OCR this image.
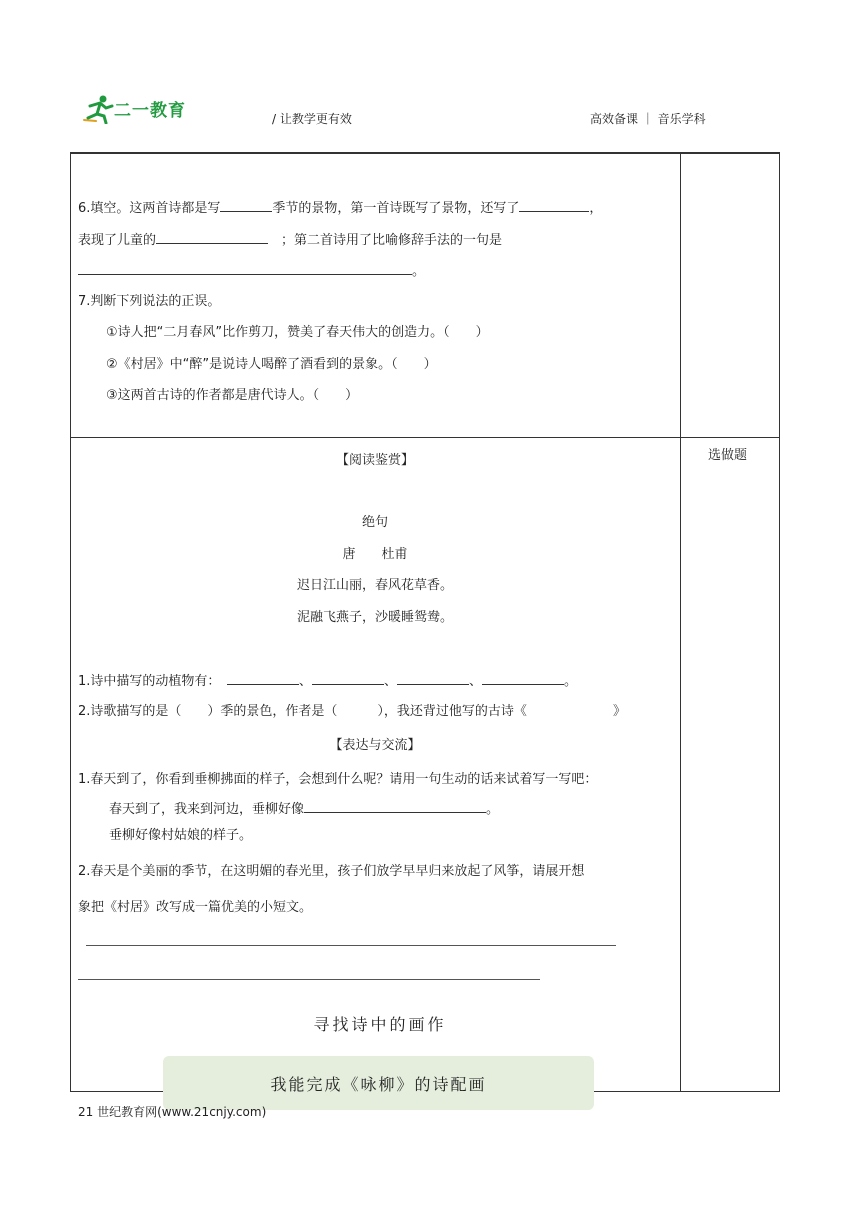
二一教育	/ 让教学更有效	高效备课 ｜ 音乐学科
6.填空。这两首诗都是写	季节的景物，第一首诗既写了景物，还写了	，
表现了儿童的　	；第二首诗用了比喻修辞手法的一句是
。
7.判断下列说法的正误。
①诗人把“二月春风”比作剪刀，赞美了春天伟大的创造力。（　　）
②《村居》中“醉”是说诗人喝醉了酒看到的景象。（　　）
③这两首古诗的作者都是唐代诗人。（　　）
选做题
【阅读鉴赏】
绝句
唐　　杜甫
迟日江山丽，春风花草香。
泥融飞燕子，沙暖睡鸳鸯。
1.诗中描写的动植物有：　	、	、	、	。
2.诗歌描写的是（ ）季的景色，作者是（	），我还背过他写的古诗《	》
【表达与交流】
1.春天到了，你看到垂柳拂面的样子，会想到什么呢？请用一句生动的话来试着写一写吧：
春天到了，我来到河边，垂柳好像	。
垂柳好像村姑娘的样子。
2.春天是个美丽的季节，在这明媚的春光里，孩子们放学早早归来放起了风筝，请展开想
象把《村居》改写成一篇优美的小短文。
寻找诗中的画作
我能完成《咏柳》的诗配画
21 世纪教育网(www.21cnjy.com)
